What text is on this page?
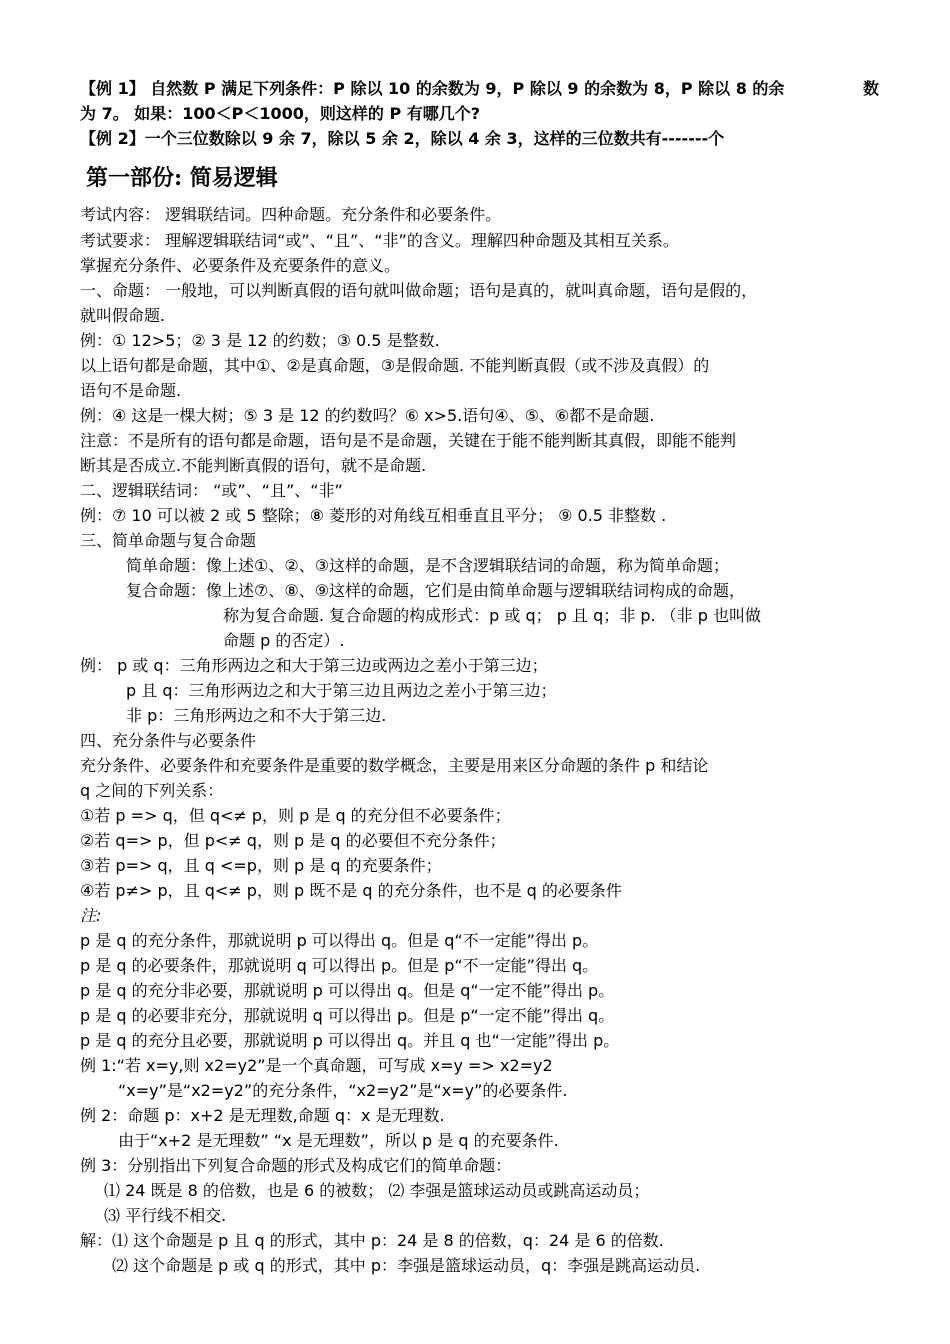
【例 1】 自然数 P 满足下列条件：P 除以 10 的余数为 9，P 除以 9 的余数为 8，P 除以 8 的余	数
为 7。 如果：100＜P＜1000，则这样的 P 有哪几个?
【例 2】一个三位数除以 9 余 7，除以 5 余 2，除以 4 余 3，这样的三位数共有-------个
第一部份: 简易逻辑
考试内容： 逻辑联结词。四种命题。充分条件和必要条件。
考试要求： 理解逻辑联结词“或”、“且”、“非”的含义。理解四种命题及其相互关系。
掌握充分条件、必要条件及充要条件的意义。
一、命题： 一般地，可以判断真假的语句就叫做命题；语句是真的，就叫真命题，语句是假的，
就叫假命题.
例：① 12>5；② 3 是 12 的约数；③ 0.5 是整数.
以上语句都是命题，其中①、②是真命题，③是假命题. 不能判断真假（或不涉及真假）的
语句不是命题.
例：④ 这是一棵大树；⑤ 3 是 12 的约数吗？⑥ x>5.语句④、⑤、⑥都不是命题.
注意：不是所有的语句都是命题，语句是不是命题，关键在于能不能判断其真假，即能不能判
断其是否成立.不能判断真假的语句，就不是命题.
二、逻辑联结词： “或”、“且”、“非”
例：⑦ 10 可以被 2 或 5 整除；⑧ 菱形的对角线互相垂直且平分； ⑨ 0.5 非整数 .
三、简单命题与复合命题
简单命题：像上述①、②、③这样的命题，是不含逻辑联结词的命题，称为简单命题；
复合命题：像上述⑦、⑧、⑨这样的命题，它们是由简单命题与逻辑联结词构成的命题，
称为复合命题. 复合命题的构成形式：p 或 q； p 且 q；非 p. （非 p 也叫做
命题 p 的否定）.
例： p 或 q：三角形两边之和大于第三边或两边之差小于第三边；
p 且 q：三角形两边之和大于第三边且两边之差小于第三边；
非 p：三角形两边之和不大于第三边.
四、充分条件与必要条件
充分条件、必要条件和充要条件是重要的数学概念，主要是用来区分命题的条件 p 和结论
q 之间的下列关系：
①若 p => q，但 q<≠ p，则 p 是 q 的充分但不必要条件；
②若 q=> p，但 p<≠ q，则 p 是 q 的必要但不充分条件；
③若 p=> q，且 q <=p，则 p 是 q 的充要条件；
④若 p≠> p，且 q<≠ p，则 p 既不是 q 的充分条件，也不是 q 的必要条件
注:
p 是 q 的充分条件，那就说明 p 可以得出 q。但是 q“不一定能”得出 p。
p 是 q 的必要条件，那就说明 q 可以得出 p。但是 p“不一定能”得出 q。
p 是 q 的充分非必要，那就说明 p 可以得出 q。但是 q“一定不能”得出 p。
p 是 q 的必要非充分，那就说明 q 可以得出 p。但是 p“一定不能”得出 q。
p 是 q 的充分且必要，那就说明 p 可以得出 q。并且 q 也“一定能”得出 p。
例 1:“若 x=y,则 x2=y2”是一个真命题，可写成 x=y => x2=y2
“x=y”是“x2=y2”的充分条件，“x2=y2”是“x=y”的必要条件.
例 2：命题 p：x+2 是无理数,命题 q：x 是无理数.
由于“x+2 是无理数” “x 是无理数”，所以 p 是 q 的充要条件.
例 3：分别指出下列复合命题的形式及构成它们的简单命题：
⑴ 24 既是 8 的倍数，也是 6 的被数； ⑵ 李强是篮球运动员或跳高运动员；
⑶ 平行线不相交.
解：⑴ 这个命题是 p 且 q 的形式，其中 p：24 是 8 的倍数，q：24 是 6 的倍数.
⑵ 这个命题是 p 或 q 的形式，其中 p：李强是篮球运动员，q：李强是跳高运动员.
